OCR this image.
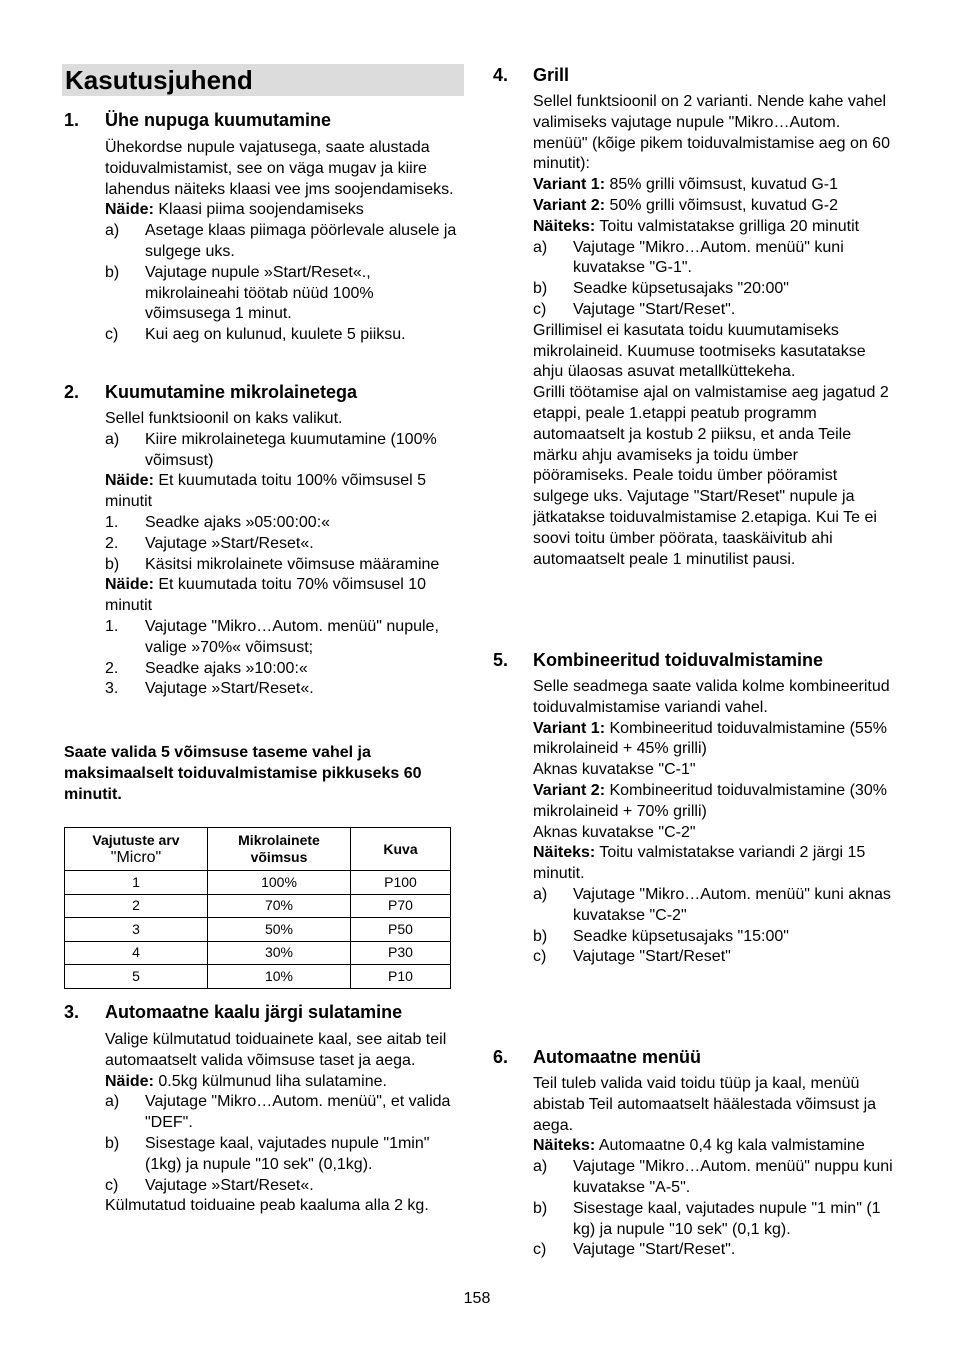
Kasutusjuhend
1. Ühe nupuga kuumutamine
Ühekordse nupule vajatusega, saate alustada toiduvalmistamist, see on väga mugav ja kiire lahendus näiteks klaasi vee jms soojendamiseks.
Näide: Klaasi piima soojendamiseks
a) Asetage klaas piimaga pöörlevale alusele ja sulgege uks.
b) Vajutage nupule »Start/Reset«., mikrolaineahi töötab nüüd 100% võimsusega 1 minut.
c) Kui aeg on kulunud, kuulete 5 piiksu.
2. Kuumutamine mikrolainetega
Sellel funktsioonil on kaks valikut.
a) Kiire mikrolainetega kuumutamine (100% võimsust)
Näide: Et kuumutada toitu 100% võimsusel 5 minutit
1. Seadke ajaks »05:00:00:«
2. Vajutage »Start/Reset«.
b) Käsitsi mikrolainete võimsuse määramine
Näide: Et kuumutada toitu 70% võimsusel 10 minutit
1. Vajutage "Mikro…Autom. menüü" nupule, valige »70%« võimsust;
2. Seadke ajaks »10:00:«
3. Vajutage »Start/Reset«.
Saate valida 5 võimsuse taseme vahel ja maksimaalselt toiduvalmistamise pikkuseks 60 minutit.
Vajutuste arv
"Micro"	Mikrolainete võimsus	Kuva
1	100%	P100
2	70%	P70
3	50%	P50
4	30%	P30
5	10%	P10
3. Automaatne kaalu järgi sulatamine
Valige külmutatud toiduainete kaal, see aitab teil automaatselt valida võimsuse taset ja aega.
Näide: 0.5kg külmunud liha sulatamine.
a) Vajutage "Mikro…Autom. menüü", et valida "DEF".
b) Sisestage kaal, vajutades nupule "1min" (1kg) ja nupule "10 sek" (0,1kg).
c) Vajutage »Start/Reset«.
Külmutatud toiduaine peab kaaluma alla 2 kg.
4. Grill
Sellel funktsioonil on 2 varianti. Nende kahe vahel valimiseks vajutage nupule "Mikro…Autom. menüü" (kõige pikem toiduvalmistamise aeg on 60 minutit):
Variant 1: 85% grilli võimsust, kuvatud G-1
Variant 2: 50% grilli võimsust, kuvatud G-2
Näiteks: Toitu valmistatakse grilliga 20 minutit
a) Vajutage "Mikro…Autom. menüü" kuni kuvatakse "G-1".
b) Seadke küpsetusajaks "20:00"
c) Vajutage "Start/Reset".
Grillimisel ei kasutata toidu kuumutamiseks mikrolaineid. Kuumuse tootmiseks kasutatakse ahju ülaosas asuvat metallküttekeha.
Grilli töötamise ajal on valmistamise aeg jagatud 2 etappi, peale 1.etappi peatub programm automaatselt ja kostub 2 piiksu, et anda Teile märku ahju avamiseks ja toidu ümber pööramiseks. Peale toidu ümber pööramist sulgege uks. Vajutage "Start/Reset" nupule ja jätkatakse toiduvalmistamise 2.etapiga. Kui Te ei soovi toitu ümber pöörata, taaskäivitub ahi automaatselt peale 1 minutilist pausi.
5. Kombineeritud toiduvalmistamine
Selle seadmega saate valida kolme kombineeritud toiduvalmistamise variandi vahel.
Variant 1: Kombineeritud toiduvalmistamine (55% mikrolaineid + 45% grilli)
Aknas kuvatakse "C-1"
Variant 2: Kombineeritud toiduvalmistamine (30% mikrolaineid + 70% grilli)
Aknas kuvatakse "C-2"
Näiteks: Toitu valmistatakse variandi 2 järgi 15 minutit.
a) Vajutage "Mikro…Autom. menüü" kuni aknas kuvatakse "C-2"
b) Seadke küpsetusajaks "15:00"
c) Vajutage "Start/Reset"
6. Automaatne menüü
Teil tuleb valida vaid toidu tüüp ja kaal, menüü abistab Teil automaatselt häälestada võimsust ja aega.
Näiteks: Automaatne 0,4 kg kala valmistamine
a) Vajutage "Mikro…Autom. menüü" nuppu kuni kuvatakse "A-5".
b) Sisestage kaal, vajutades nupule "1 min" (1 kg) ja nupule "10 sek" (0,1 kg).
c) Vajutage "Start/Reset".
158
